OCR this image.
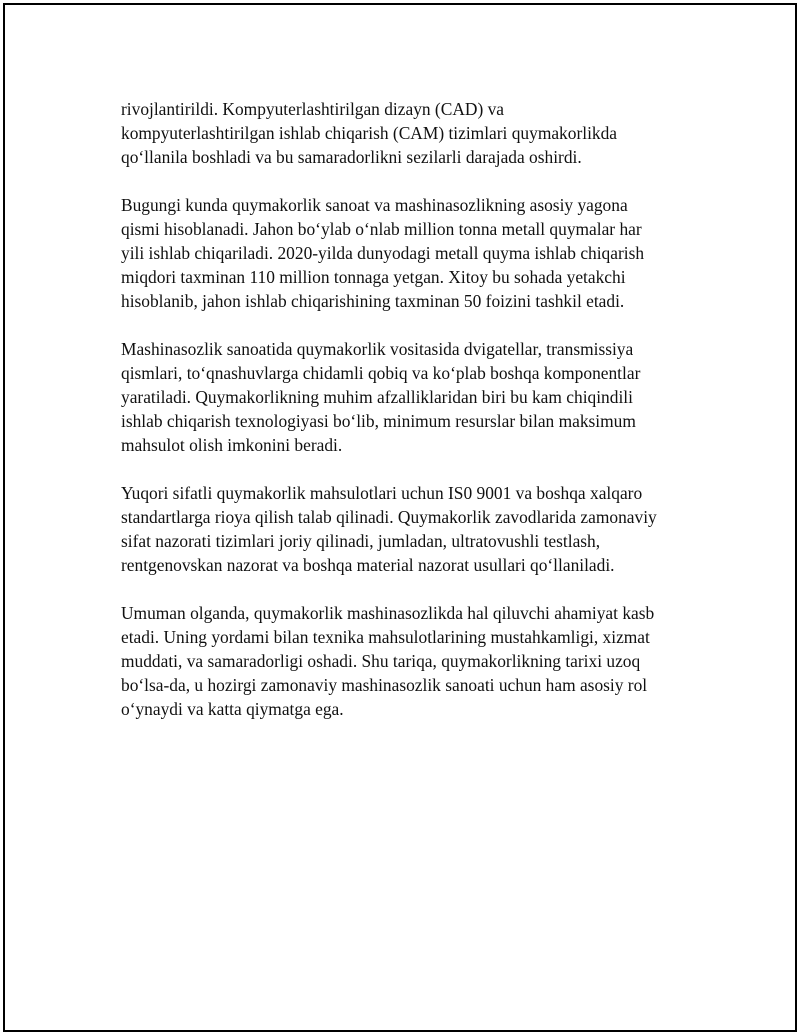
rivojlantirildi. Kompyuterlashtirilgan dizayn (CAD) va
kompyuterlashtirilgan ishlab chiqarish (CAM) tizimlari quymakorlikda
qo‘llanila boshladi va bu samaradorlikni sezilarli darajada oshirdi.

Bugungi kunda quymakorlik sanoat va mashinasozlikning asosiy yagona
qismi hisoblanadi. Jahon bo‘ylab o‘nlab million tonna metall quymalar har
yili ishlab chiqariladi. 2020-yilda dunyodagi metall quyma ishlab chiqarish
miqdori taxminan 110 million tonnaga yetgan. Xitoy bu sohada yetakchi
hisoblanib, jahon ishlab chiqarishining taxminan 50 foizini tashkil etadi.

Mashinasozlik sanoatida quymakorlik vositasida dvigatellar, transmissiya
qismlari, to‘qnashuvlarga chidamli qobiq va ko‘plab boshqa komponentlar
yaratiladi. Quymakorlikning muhim afzalliklaridan biri bu kam chiqindili
ishlab chiqarish texnologiyasi bo‘lib, minimum resurslar bilan maksimum
mahsulot olish imkonini beradi.

Yuqori sifatli quymakorlik mahsulotlari uchun IS0 9001 va boshqa xalqaro
standartlarga rioya qilish talab qilinadi. Quymakorlik zavodlarida zamonaviy
sifat nazorati tizimlari joriy qilinadi, jumladan, ultratovushli testlash,
rentgenovskan nazorat va boshqa material nazorat usullari qo‘llaniladi.

Umuman olganda, quymakorlik mashinasozlikda hal qiluvchi ahamiyat kasb
etadi. Uning yordami bilan texnika mahsulotlarining mustahkamligi, xizmat
muddati, va samaradorligi oshadi. Shu tariqa, quymakorlikning tarixi uzoq
bo‘lsa-da, u hozirgi zamonaviy mashinasozlik sanoati uchun ham asosiy rol
o‘ynaydi va katta qiymatga ega.
